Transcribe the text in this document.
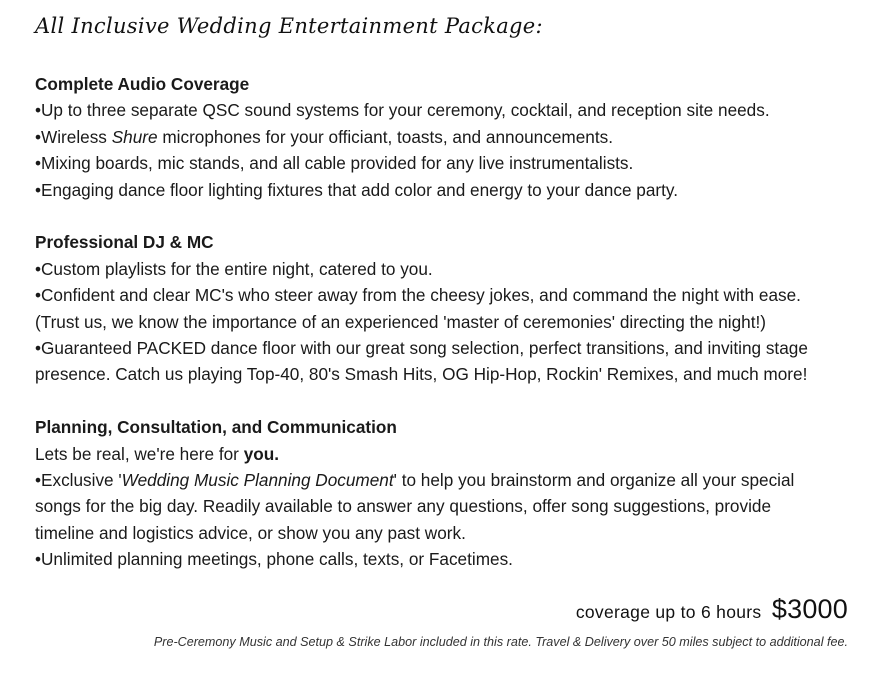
All Inclusive Wedding Entertainment Package:
Complete Audio Coverage
•Up to three separate QSC sound systems for your ceremony, cocktail, and reception site needs.
•Wireless Shure microphones for your officiant, toasts, and announcements.
•Mixing boards, mic stands, and all cable provided for any live instrumentalists.
•Engaging dance floor lighting fixtures that add color and energy to your dance party.
Professional DJ & MC
•Custom playlists for the entire night, catered to you.
•Confident and clear MC's who steer away from the cheesy jokes, and command the night with ease.
(Trust us, we know the importance of an experienced 'master of ceremonies' directing the night!)
•Guaranteed PACKED dance floor with our great song selection, perfect transitions, and inviting stage
presence. Catch us playing Top-40, 80's Smash Hits, OG Hip-Hop, Rockin' Remixes, and much more!
Planning, Consultation, and Communication
Lets be real, we're here for you.
•Exclusive 'Wedding Music Planning Document' to help you brainstorm and organize all your special
songs for the big day. Readily available to answer any questions, offer song suggestions, provide
timeline and logistics advice, or show you any past work.
•Unlimited planning meetings, phone calls, texts, or Facetimes.
coverage up to 6 hours $3000
Pre-Ceremony Music and Setup & Strike Labor included in this rate. Travel & Delivery over 50 miles subject to additional fee.
